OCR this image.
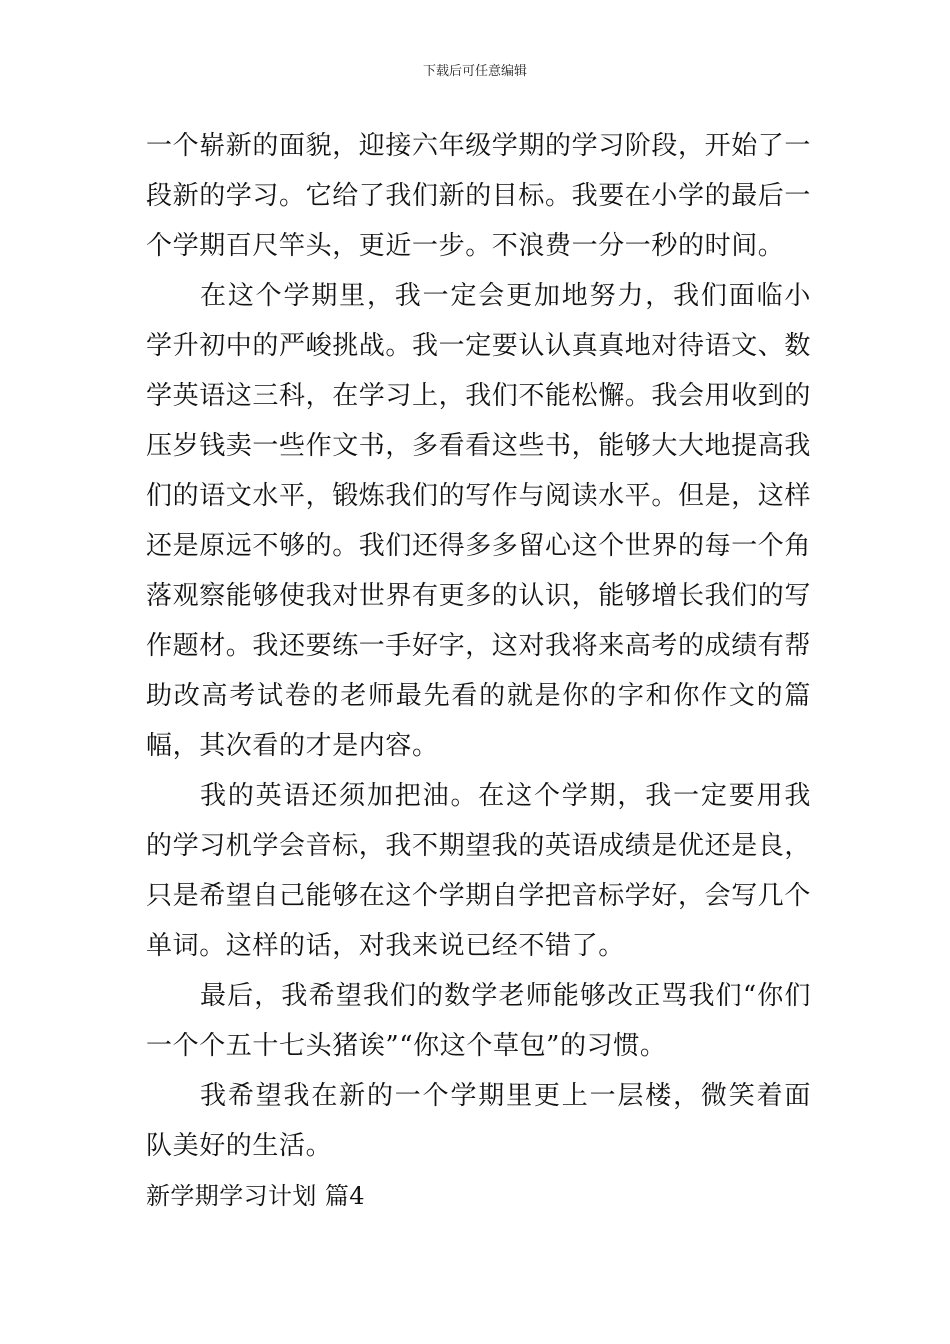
下载后可任意编辑

一个崭新的面貌，迎接六年级学期的学习阶段，开始了一段新的学习。它给了我们新的目标。我要在小学的最后一个学期百尺竿头，更近一步。不浪费一分一秒的时间。

在这个学期里，我一定会更加地努力，我们面临小学升初中的严峻挑战。我一定要认认真真地对待语文、数学英语这三科，在学习上，我们不能松懈。我会用收到的压岁钱卖一些作文书，多看看这些书，能够大大地提高我们的语文水平，锻炼我们的写作与阅读水平。但是，这样还是原远不够的。我们还得多多留心这个世界的每一个角落观察能够使我对世界有更多的认识，能够增长我们的写作题材。我还要练一手好字，这对我将来高考的成绩有帮助改高考试卷的老师最先看的就是你的字和你作文的篇幅，其次看的才是内容。

我的英语还须加把油。在这个学期，我一定要用我的学习机学会音标，我不期望我的英语成绩是优还是良，只是希望自己能够在这个学期自学把音标学好，会写几个单词。这样的话，对我来说已经不错了。

最后，我希望我们的数学老师能够改正骂我们“你们一个个五十七头猪诶”“你这个草包”的习惯。

我希望我在新的一个学期里更上一层楼，微笑着面队美好的生活。

新学期学习计划 篇4
